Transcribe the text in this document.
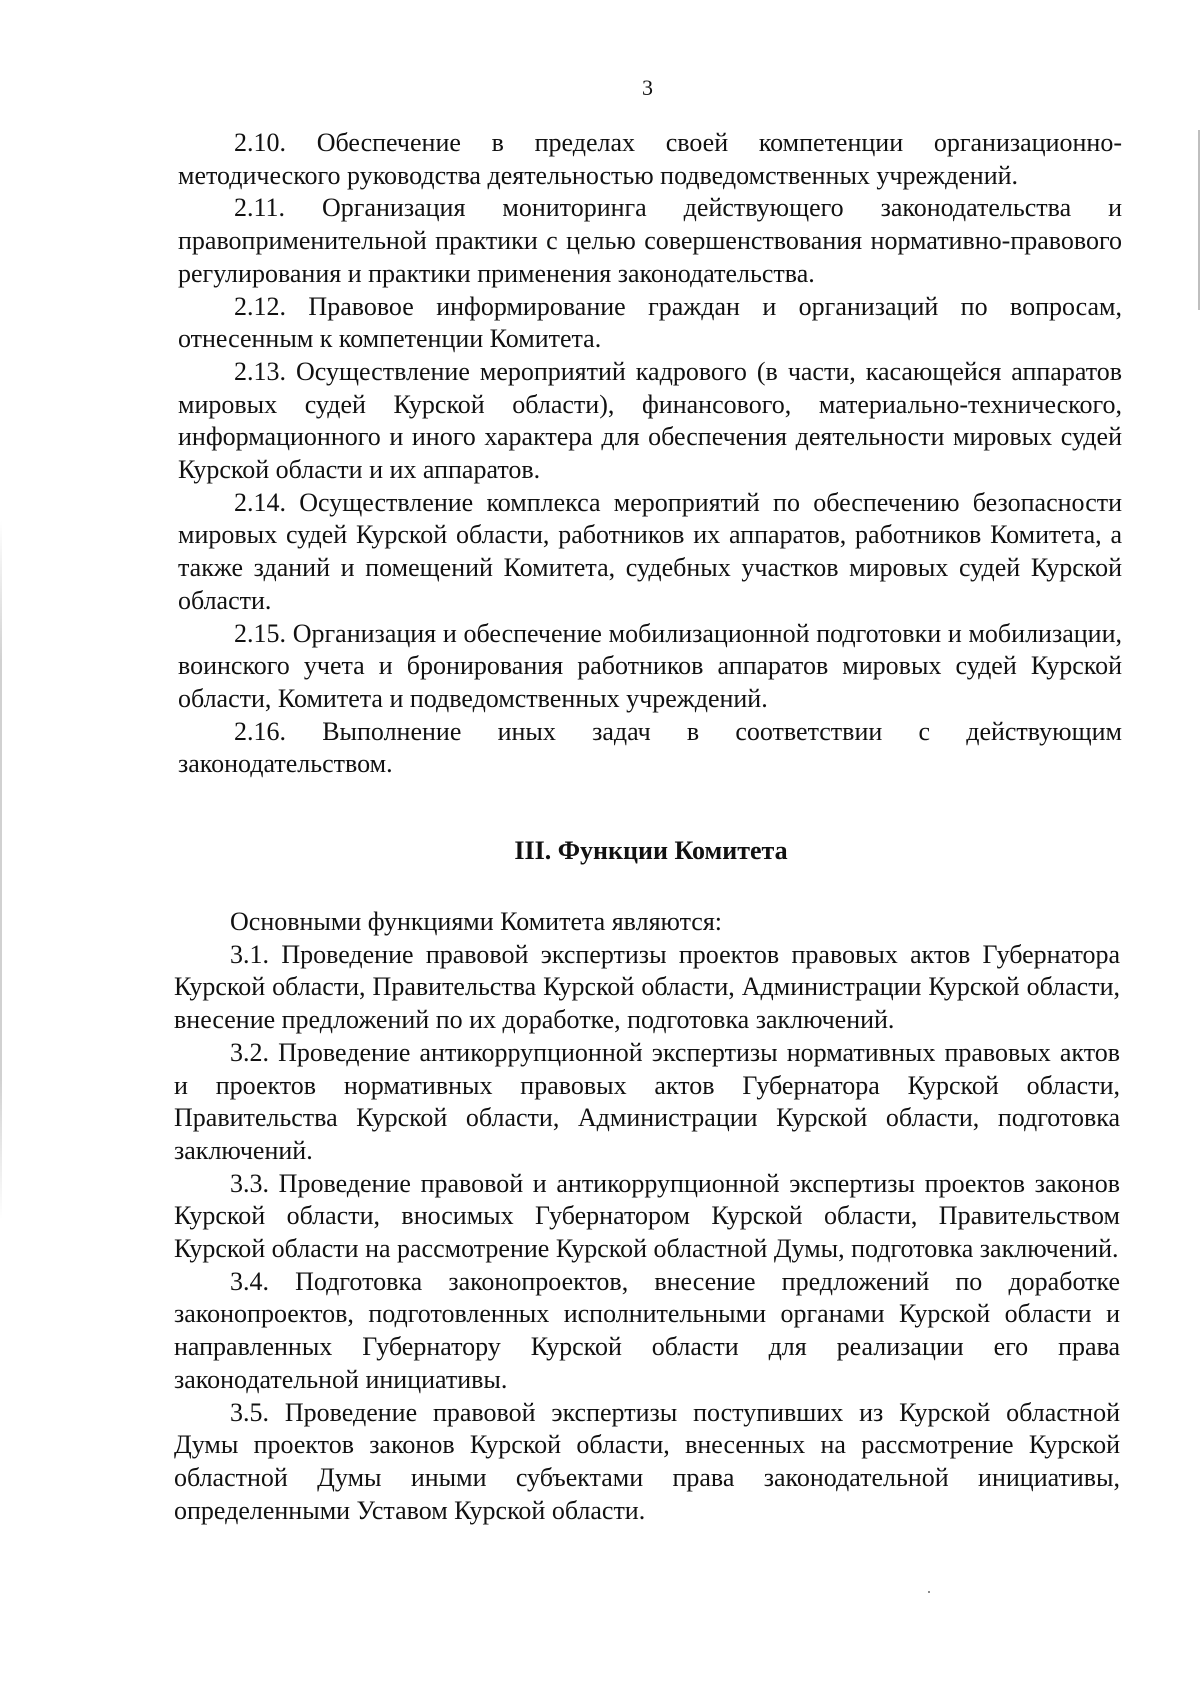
3

2.10. Обеспечение в пределах своей компетенции организационно-методического руководства деятельностью подведомственных учреждений.

2.11. Организация мониторинга действующего законодательства и правоприменительной практики с целью совершенствования нормативно-правового регулирования и практики применения законодательства.

2.12. Правовое информирование граждан и организаций по вопросам, отнесенным к компетенции Комитета.

2.13. Осуществление мероприятий кадрового (в части, касающейся аппаратов мировых судей Курской области), финансового, материально-технического, информационного и иного характера для обеспечения деятельности мировых судей Курской области и их аппаратов.

2.14. Осуществление комплекса мероприятий по обеспечению безопасности мировых судей Курской области, работников их аппаратов, работников Комитета, а также зданий и помещений Комитета, судебных участков мировых судей Курской области.

2.15. Организация и обеспечение мобилизационной подготовки и мобилизации, воинского учета и бронирования работников аппаратов мировых судей Курской области, Комитета и подведомственных учреждений.

2.16. Выполнение иных задач в соответствии с действующим законодательством.

III. Функции Комитета

Основными функциями Комитета являются:

3.1. Проведение правовой экспертизы проектов правовых актов Губернатора Курской области, Правительства Курской области, Администрации Курской области, внесение предложений по их доработке, подготовка заключений.

3.2. Проведение антикоррупционной экспертизы нормативных правовых актов и проектов нормативных правовых актов Губернатора Курской области, Правительства Курской области, Администрации Курской области, подготовка заключений.

3.3. Проведение правовой и антикоррупционной экспертизы проектов законов Курской области, вносимых Губернатором Курской области, Правительством Курской области на рассмотрение Курской областной Думы, подготовка заключений.

3.4. Подготовка законопроектов, внесение предложений по доработке законопроектов, подготовленных исполнительными органами Курской области и направленных Губернатору Курской области для реализации его права законодательной инициативы.

3.5. Проведение правовой экспертизы поступивших из Курской областной Думы проектов законов Курской области, внесенных на рассмотрение Курской областной Думы иными субъектами права законодательной инициативы, определенными Уставом Курской области.
